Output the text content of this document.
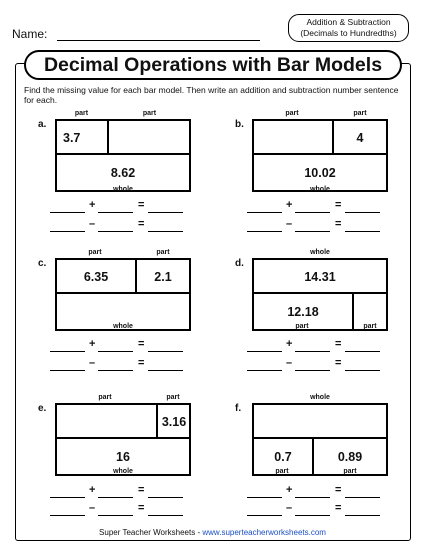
Name:
Addition & Subtraction
(Decimals to Hundredths)
Decimal Operations with Bar Models
Find the missing value for each bar model. Then write an addition and subtraction number sentence for each.
a.
part	part
3.7
8.62
whole
+	=
–	=
b.
part	part
4
10.02
whole
+	=
–	=
c.
part	part
6.35	2.1
whole
+	=
–	=
d.
whole
14.31
12.18
part	part
+	=
–	=
e.
part	part
3.16
16
whole
+	=
–	=
f.
whole
0.7	0.89
part	part
+	=
–	=
Super Teacher Worksheets - www.superteacherworksheets.com
